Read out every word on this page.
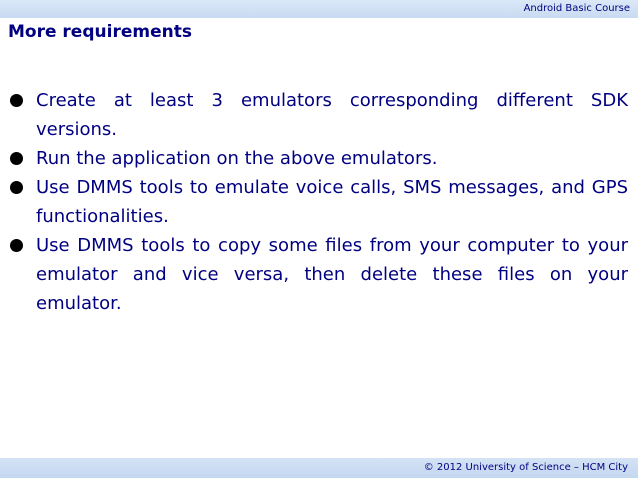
Android Basic Course
More requirements
Create at least 3 emulators corresponding different SDK versions.
Run the application on the above emulators.
Use DMMS tools to emulate voice calls, SMS messages, and GPS functionalities.
Use DMMS tools to copy some files from your computer to your emulator and vice versa, then delete these files on your emulator.
© 2012 University of Science – HCM City
